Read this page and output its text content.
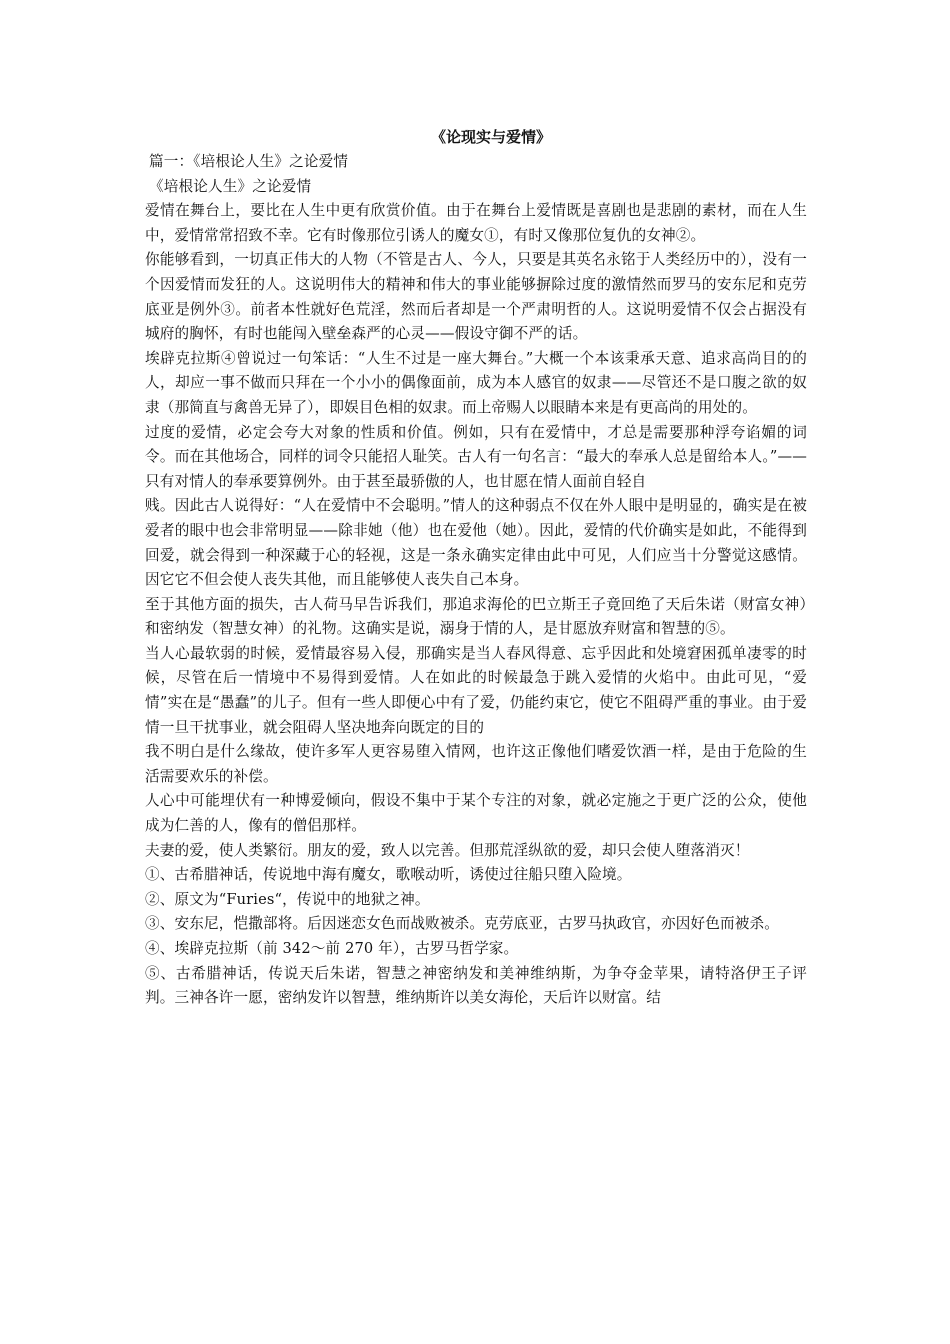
《论现实与爱情》

篇一：《培根论人生》之论爱情

《培根论人生》之论爱情

爱情在舞台上，要比在人生中更有欣赏价值。由于在舞台上爱情既是喜剧也是悲剧的素材，而在人生中，爱情常常招致不幸。它有时像那位引诱人的魔女①，有时又像那位复仇的女神②。

你能够看到，一切真正伟大的人物（不管是古人、今人，只要是其英名永铭于人类经历中的），没有一个因爱情而发狂的人。这说明伟大的精神和伟大的事业能够摒除过度的激情然而罗马的安东尼和克劳底亚是例外③。前者本性就好色荒淫，然而后者却是一个严肃明哲的人。这说明爱情不仅会占据没有城府的胸怀，有时也能闯入壁垒森严的心灵——假设守御不严的话。

埃辟克拉斯④曾说过一句笨话：“人生不过是一座大舞台。”大概一个本该秉承天意、追求高尚目的的人，却应一事不做而只拜在一个小小的偶像面前，成为本人感官的奴隶——尽管还不是口腹之欲的奴隶（那简直与禽兽无异了），即娱目色相的奴隶。而上帝赐人以眼睛本来是有更高尚的用处的。

过度的爱情，必定会夸大对象的性质和价值。例如，只有在爱情中，才总是需要那种浮夸谄媚的词令。而在其他场合，同样的词令只能招人耻笑。古人有一句名言：“最大的奉承人总是留给本人。”——只有对情人的奉承要算例外。由于甚至最骄傲的人，也甘愿在情人面前自轻自

贱。因此古人说得好：“人在爱情中不会聪明。”情人的这种弱点不仅在外人眼中是明显的，确实是在被爱者的眼中也会非常明显——除非她（他）也在爱他（她）。因此，爱情的代价确实是如此，不能得到回爱，就会得到一种深藏于心的轻视，这是一条永确实定律由此中可见，人们应当十分警觉这感情。因它它不但会使人丧失其他，而且能够使人丧失自己本身。

至于其他方面的损失，古人荷马早告诉我们，那追求海伦的巴立斯王子竟回绝了天后朱诺（财富女神）和密纳发（智慧女神）的礼物。这确实是说，溺身于情的人，是甘愿放弃财富和智慧的⑤。

当人心最软弱的时候，爱情最容易入侵，那确实是当人春风得意、忘乎因此和处境窘困孤单凄零的时候，尽管在后一情境中不易得到爱情。人在如此的时候最急于跳入爱情的火焰中。由此可见，“爱情”实在是“愚蠢”的儿子。但有一些人即便心中有了爱，仍能约束它，使它不阻碍严重的事业。由于爱情一旦干扰事业，就会阻碍人坚决地奔向既定的目的

我不明白是什么缘故，使许多军人更容易堕入情网，也许这正像他们嗜爱饮酒一样，是由于危险的生活需要欢乐的补偿。

人心中可能埋伏有一种博爱倾向，假设不集中于某个专注的对象，就必定施之于更广泛的公众，使他成为仁善的人，像有的僧侣那样。

夫妻的爱，使人类繁衍。朋友的爱，致人以完善。但那荒淫纵欲的爱，却只会使人堕落消灭！

①、古希腊神话，传说地中海有魔女，歌喉动听，诱使过往船只堕入险境。

②、原文为“Furies“，传说中的地狱之神。

③、安东尼，恺撒部将。后因迷恋女色而战败被杀。克劳底亚，古罗马执政官，亦因好色而被杀。

④、埃辟克拉斯（前 342～前 270 年），古罗马哲学家。

⑤、古希腊神话，传说天后朱诺，智慧之神密纳发和美神维纳斯，为争夺金苹果，请特洛伊王子评判。三神各许一愿，密纳发许以智慧，维纳斯许以美女海伦，天后许以财富。结
